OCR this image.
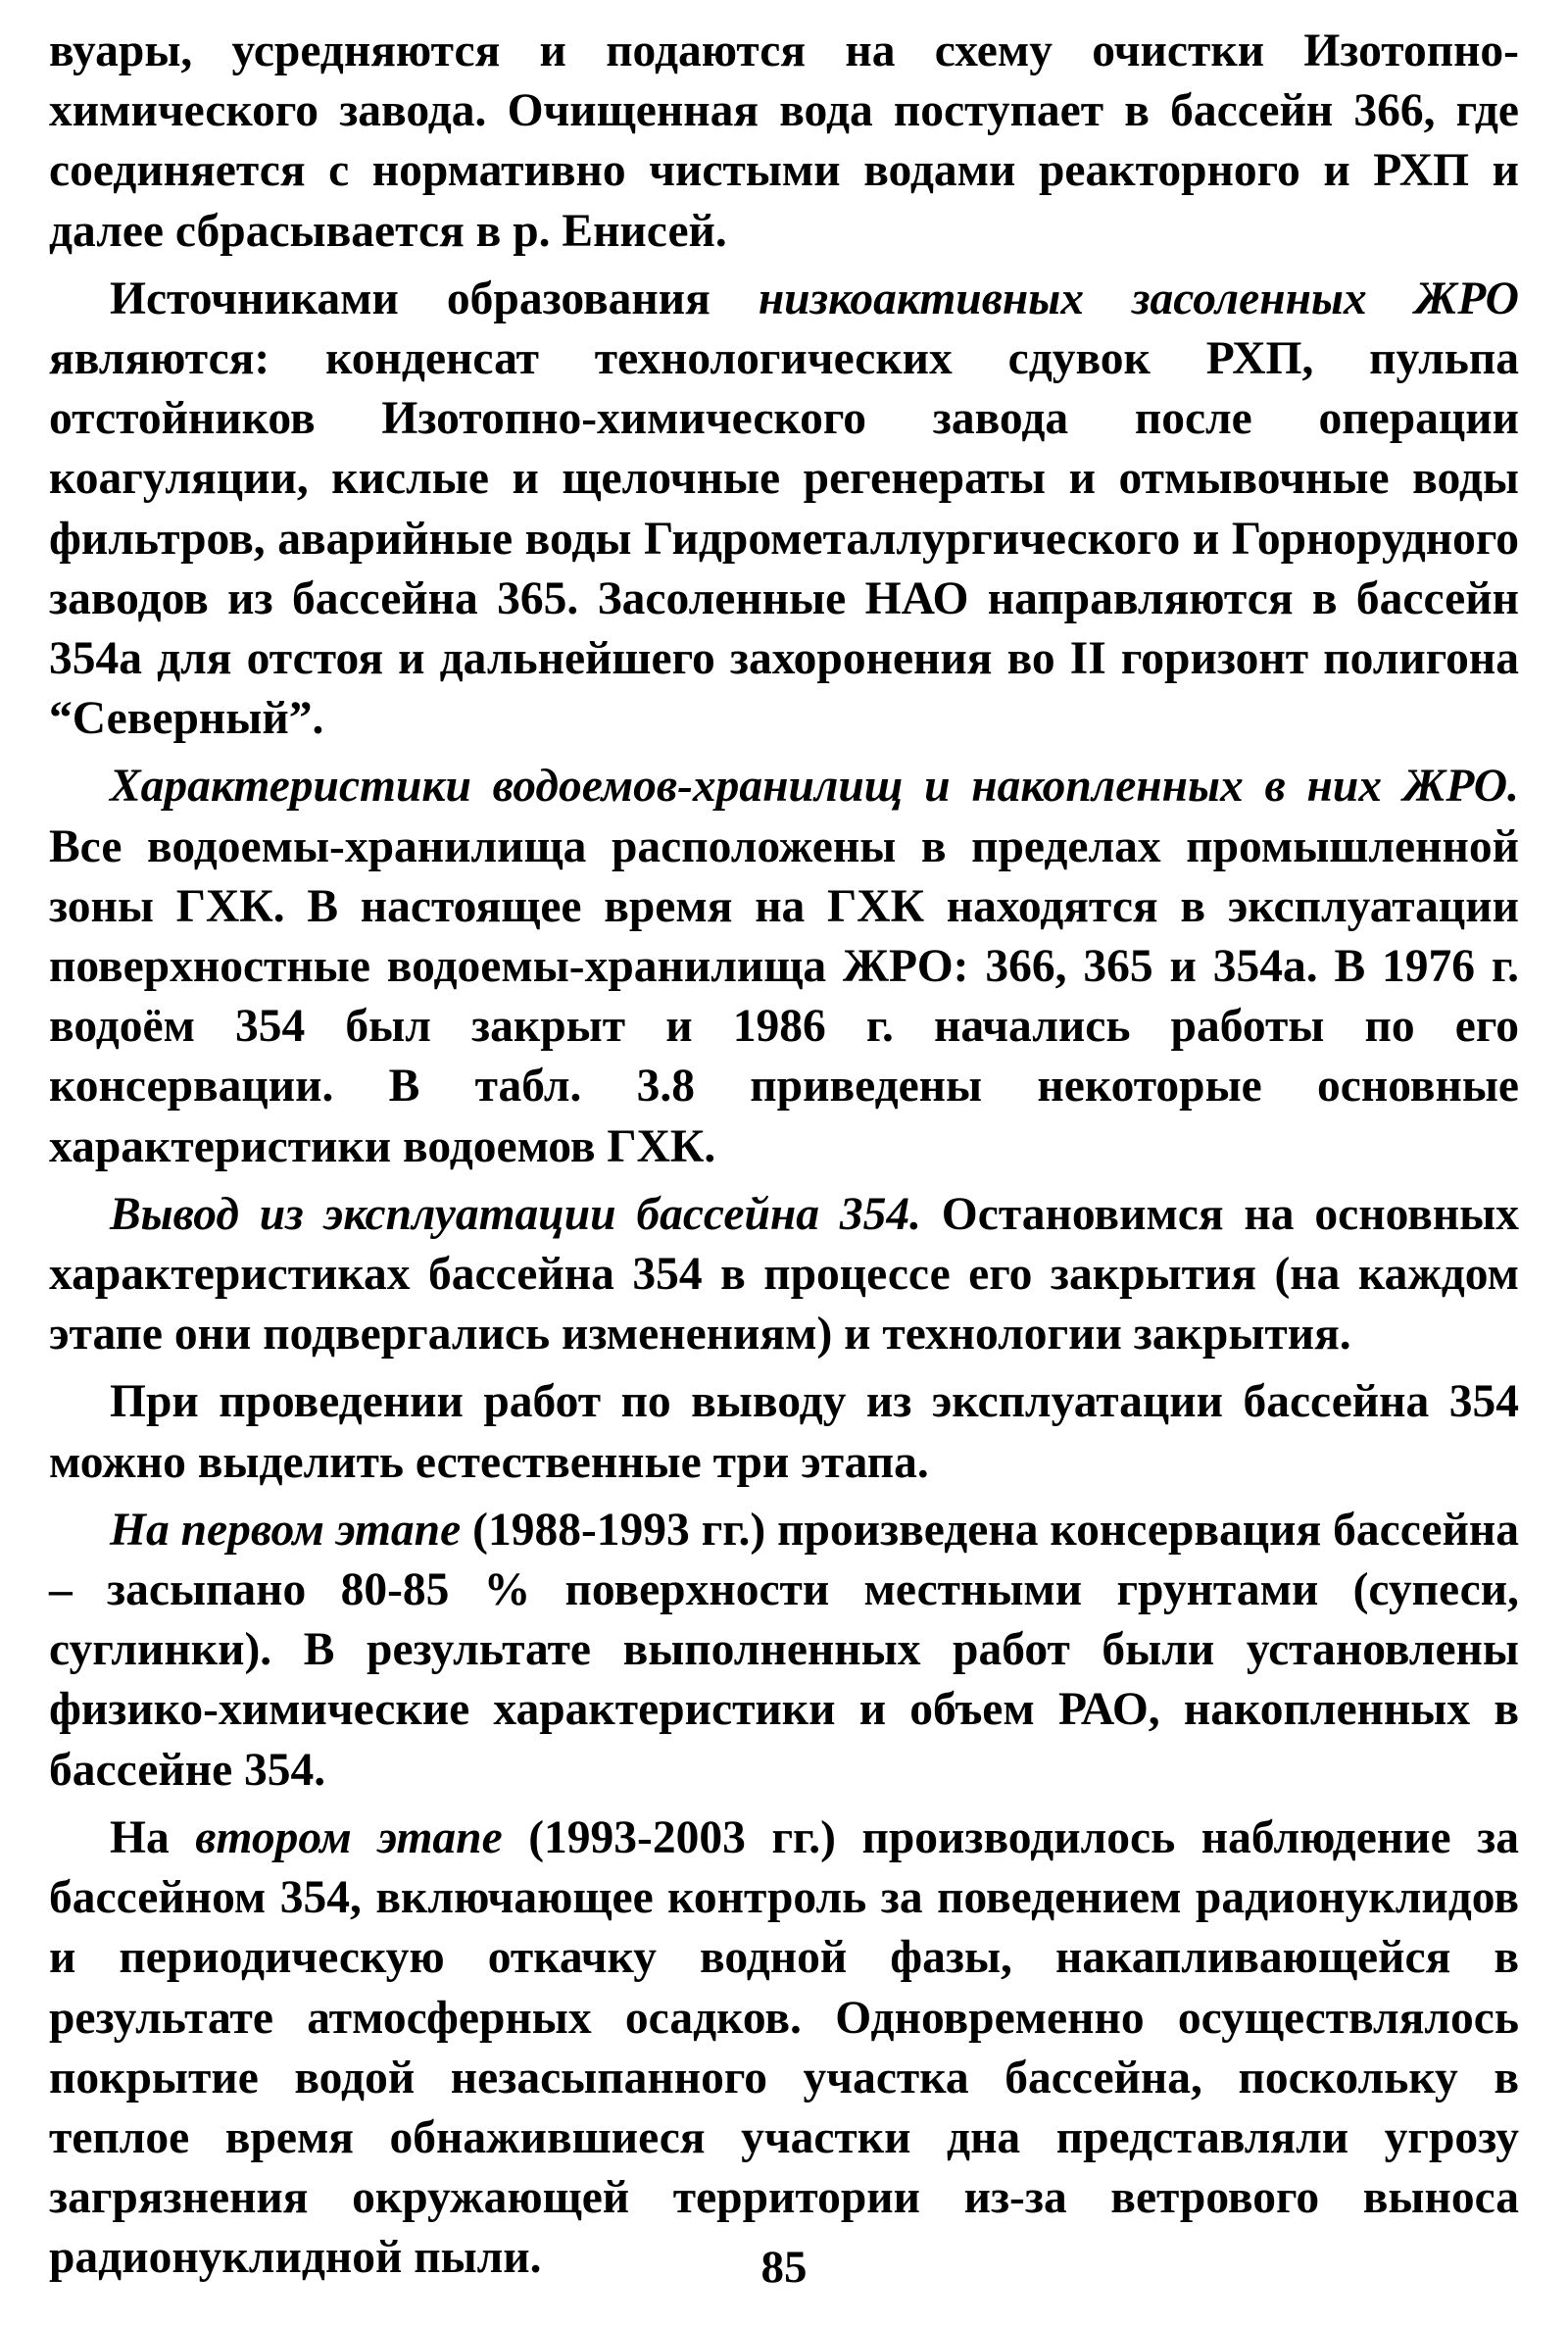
вуары, усредняются и подаются на схему очистки Изотопно-химического завода. Очищенная вода поступает в бассейн 366, где соединяется с нормативно чистыми водами реакторного и РХП и далее сбрасывается в р. Енисей.

Источниками образования низкоактивных засоленных ЖРО являются: конденсат технологических сдувок РХП, пульпа отстойников Изотопно-химического завода после операции коагуляции, кислые и щелочные регенераты и отмывочные воды фильтров, аварийные воды Гидрометаллургического и Горнорудного заводов из бассейна 365. Засоленные НАО направляются в бассейн 354а для отстоя и дальнейшего захоронения во II горизонт полигона “Северный”.

Характеристики водоемов-хранилищ и накопленных в них ЖРО. Все водоемы-хранилища расположены в пределах промышленной зоны ГХК. В настоящее время на ГХК находятся в эксплуатации поверхностные водоемы-хранилища ЖРО: 366, 365 и 354а. В 1976 г. водоём 354 был закрыт и 1986 г. начались работы по его консервации. В табл. 3.8 приведены некоторые основные характеристики водоемов ГХК.

Вывод из эксплуатации бассейна 354. Остановимся на основных характеристиках бассейна 354 в процессе его закрытия (на каждом этапе они подвергались изменениям) и технологии закрытия.

При проведении работ по выводу из эксплуатации бассейна 354 можно выделить естественные три этапа.

На первом этапе (1988-1993 гг.) произведена консервация бассейна – засыпано 80-85 % поверхности местными грунтами (супеси, суглинки). В результате выполненных работ были установлены физико-химические характеристики и объем РАО, накопленных в бассейне 354.

На втором этапе (1993-2003 гг.) производилось наблюдение за бассейном 354, включающее контроль за поведением радионуклидов и периодическую откачку водной фазы, накапливающейся в результате атмосферных осадков. Одновременно осуществлялось покрытие водой незасыпанного участка бассейна, поскольку в теплое время обнажившиеся участки дна представляли угрозу загрязнения окружающей территории из-за ветрового выноса радионуклидной пыли.	85
